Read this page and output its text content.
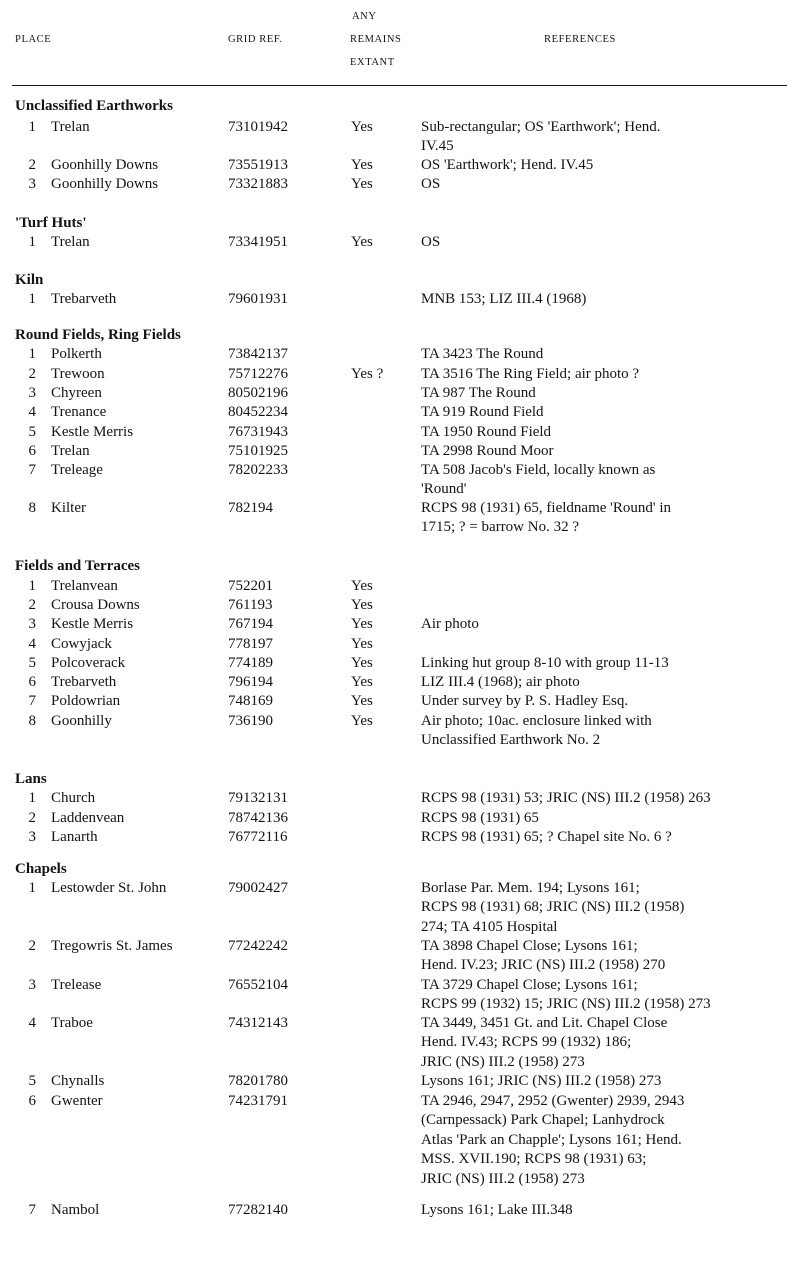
PLACE	GRID REF.
ANY
REMAINS
EXTANT
REFERENCES
Unclassified Earthworks
1 Trelan	73101942	Yes	Sub-rectangular; OS 'Earthwork'; Hend.
IV.45
2 Goonhilly Downs	73551913	Yes	OS 'Earthwork'; Hend. IV.45
3 Goonhilly Downs	73321883	Yes	OS
'Turf Huts'
1 Trelan	73341951	Yes	OS
Kiln
1 Trebarveth	79601931	MNB 153; LIZ III.4 (1968)
Round Fields, Ring Fields
1 Polkerth	73842137	TA 3423 The Round
2 Trewoon	75712276	Yes ?	TA 3516 The Ring Field; air photo ?
3 Chyreen	80502196	TA 987 The Round
4 Trenance	80452234	TA 919 Round Field
5 Kestle Merris	76731943	TA 1950 Round Field
6 Trelan	75101925	TA 2998 Round Moor
7 Treleage	78202233	TA 508 Jacob's Field, locally known as
'Round'
8 Kilter	782194	RCPS 98 (1931) 65, fieldname 'Round' in
1715; ? = barrow No. 32 ?
Fields and Terraces
1 Trelanvean	752201	Yes
2 Crousa Downs	761193	Yes
3 Kestle Merris	767194	Yes	Air photo
4 Cowyjack	778197	Yes
5 Polcoverack	774189	Yes	Linking hut group 8-10 with group 11-13
6 Trebarveth	796194	Yes	LIZ III.4 (1968); air photo
7 Poldowrian	748169	Yes	Under survey by P. S. Hadley Esq.
8 Goonhilly	736190	Yes	Air photo; 10ac. enclosure linked with
Unclassified Earthwork No. 2
Lans
1 Church	79132131	RCPS 98 (1931) 53; JRIC (NS) III.2 (1958) 263
2 Laddenvean	78742136	RCPS 98 (1931) 65
3 Lanarth	76772116	RCPS 98 (1931) 65; ? Chapel site No. 6 ?
Chapels
1 Lestowder St. John	79002427	Borlase Par. Mem. 194; Lysons 161;
RCPS 98 (1931) 68; JRIC (NS) III.2 (1958)
274; TA 4105 Hospital
2 Tregowris St. James	77242242	TA 3898 Chapel Close; Lysons 161;
Hend. IV.23; JRIC (NS) III.2 (1958) 270
3 Trelease	76552104	TA 3729 Chapel Close; Lysons 161;
RCPS 99 (1932) 15; JRIC (NS) III.2 (1958) 273
4 Traboe	74312143	TA 3449, 3451 Gt. and Lit. Chapel Close
Hend. IV.43; RCPS 99 (1932) 186;
JRIC (NS) III.2 (1958) 273
5 Chynalls	78201780	Lysons 161; JRIC (NS) III.2 (1958) 273
6 Gwenter	74231791	TA 2946, 2947, 2952 (Gwenter) 2939, 2943
(Carnpessack) Park Chapel; Lanhydrock
Atlas 'Park an Chapple'; Lysons 161; Hend.
MSS. XVII.190; RCPS 98 (1931) 63;
JRIC (NS) III.2 (1958) 273
7 Nambol	77282140	Lysons 161; Lake III.348
